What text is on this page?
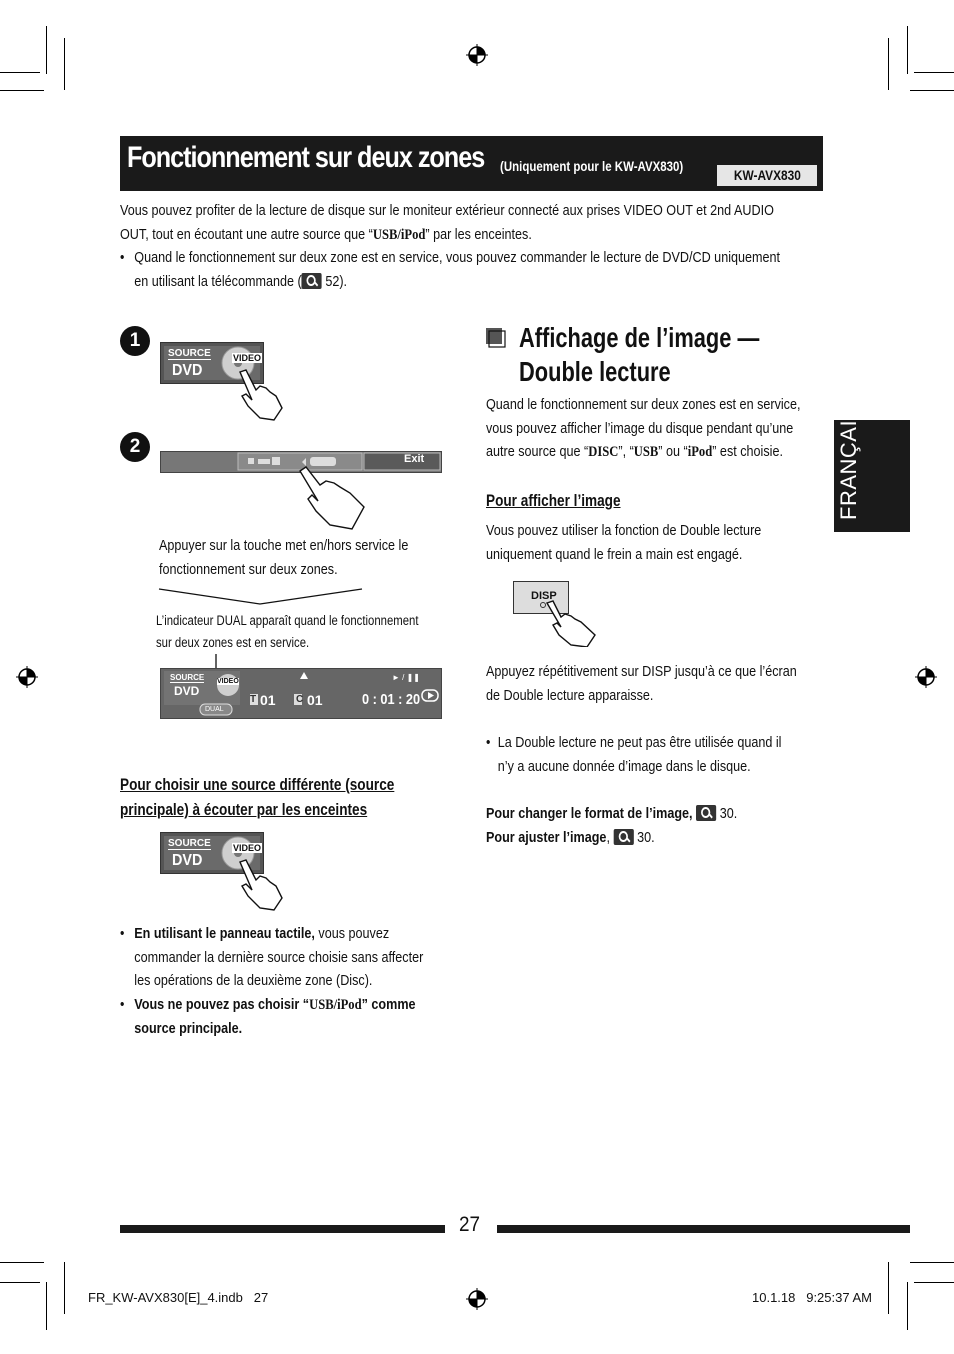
Fonctionnement sur deux zones (Uniquement pour le KW-AVX830)
KW-AVX830
Vous pouvez profiter de la lecture de disque sur le moniteur extérieur connecté aux prises VIDEO OUT et 2nd AUDIO
OUT, tout en écoutant une autre source que “USB/iPod” par les enceintes.
• Quand le fonctionnement sur deux zone est en service, vous pouvez commander le lecture de DVD/CD uniquement
en utilisant la télécommande ( 52).
1
SOURCE
DVD
VIDEO
2
Exit
Appuyer sur la touche met en/hors service le
fonctionnement sur deux zones.
L’indicateur DUAL apparaît quand le fonctionnement
sur deux zones est en service.
► / ❚❚
SOURCE
DVD
VIDEO
DUAL
T 01 C 01	0 : 01 : 20
Pour choisir une source différente (source
principale) à écouter par les enceintes
SOURCE
DVD
VIDEO
• En utilisant le panneau tactile, vous pouvez
commander la dernière source choisie sans affecter
les opérations de la deuxième zone (Disc).
• Vous ne pouvez pas choisir “USB/iPod” comme
source principale.
Affichage de l’image —
Double lecture
Quand le fonctionnement sur deux zones est en service,
vous pouvez afficher l’image du disque pendant qu’une
autre source que “DISC”, “USB” ou “iPod” est choisie.
Pour afficher l’image
Vous pouvez utiliser la fonction de Double lecture
uniquement quand le frein a main est engagé.
DISP
Appuyez répétitivement sur DISP jusqu’à ce que l’écran
de Double lecture apparaisse.
• La Double lecture ne peut pas être utilisée quand il
n’y a aucune donnée d’image dans le disque.
Pour changer le format de l’image,  30.
Pour ajuster l’image,  30.
FRANÇAIS
27
FR_KW-AVX830[E]_4.indb   27	10.1.18   9:25:37 AM
